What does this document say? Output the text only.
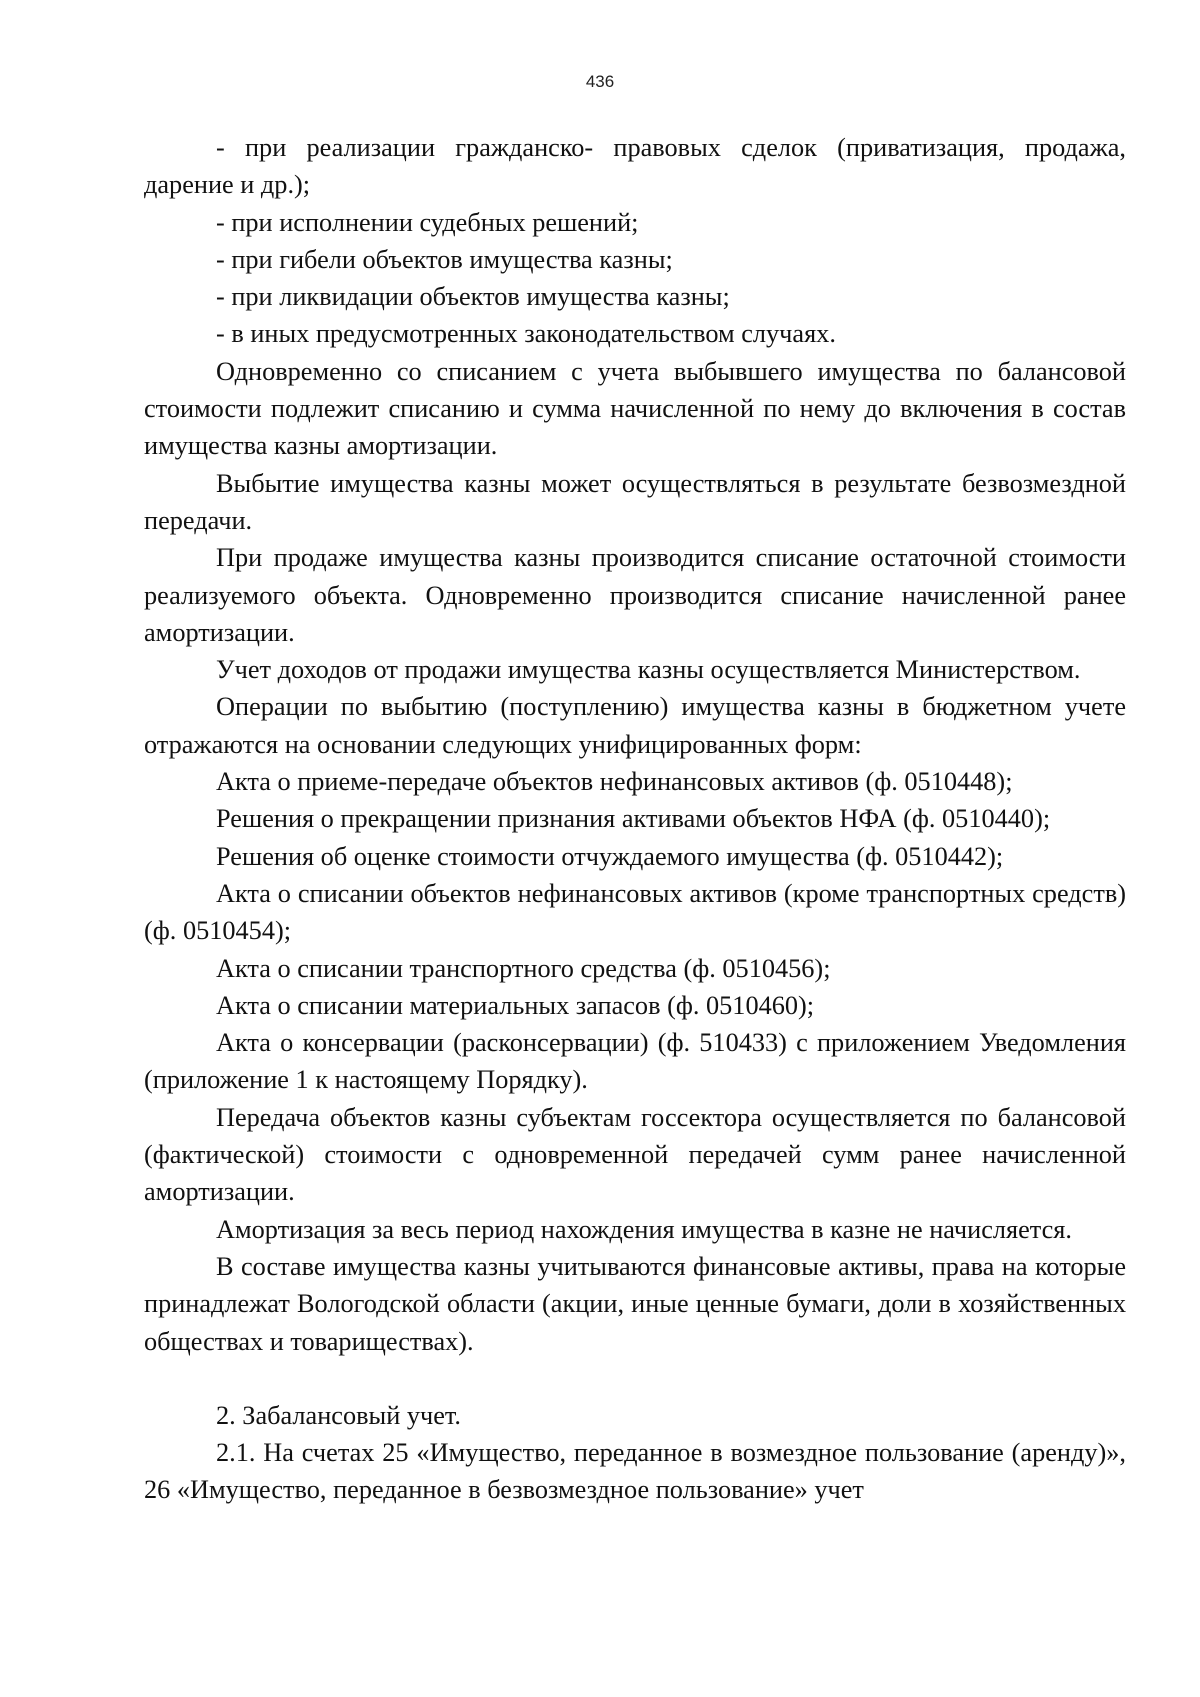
436

- при реализации гражданско- правовых сделок (приватизация, продажа, дарение и др.);

- при исполнении судебных решений;

- при гибели объектов имущества казны;

- при ликвидации объектов имущества казны;

- в иных предусмотренных законодательством случаях.

Одновременно со списанием с учета выбывшего имущества по балансовой стоимости подлежит списанию и сумма начисленной по нему до включения в состав имущества казны амортизации.

Выбытие имущества казны может осуществляться в результате безвозмездной передачи.

При продаже имущества казны производится списание остаточной стоимости реализуемого объекта. Одновременно производится списание начисленной ранее амортизации.

Учет доходов от продажи имущества казны осуществляется Министерством.

Операции по выбытию (поступлению) имущества казны в бюджетном учете отражаются на основании следующих унифицированных форм:

Акта о приеме-передаче объектов нефинансовых активов (ф. 0510448);

Решения о прекращении признания активами объектов НФА (ф. 0510440);

Решения об оценке стоимости отчуждаемого имущества (ф. 0510442);

Акта о списании объектов нефинансовых активов (кроме транспортных средств) (ф. 0510454);

Акта о списании транспортного средства (ф. 0510456);

Акта о списании материальных запасов (ф. 0510460);

Акта о консервации (расконсервации) (ф. 510433) с приложением Уведомления (приложение 1 к настоящему Порядку).

Передача объектов казны субъектам госсектора осуществляется по балансовой (фактической) стоимости с одновременной передачей сумм ранее начисленной амортизации.

Амортизация за весь период нахождения имущества в казне не начисляется.

В составе имущества казны учитываются финансовые активы, права на которые принадлежат Вологодской области (акции, иные ценные бумаги, доли в хозяйственных обществах и товариществах).

2. Забалансовый учет.

2.1. На счетах 25 «Имущество, переданное в возмездное пользование (аренду)», 26 «Имущество, переданное в безвозмездное пользование» учет
